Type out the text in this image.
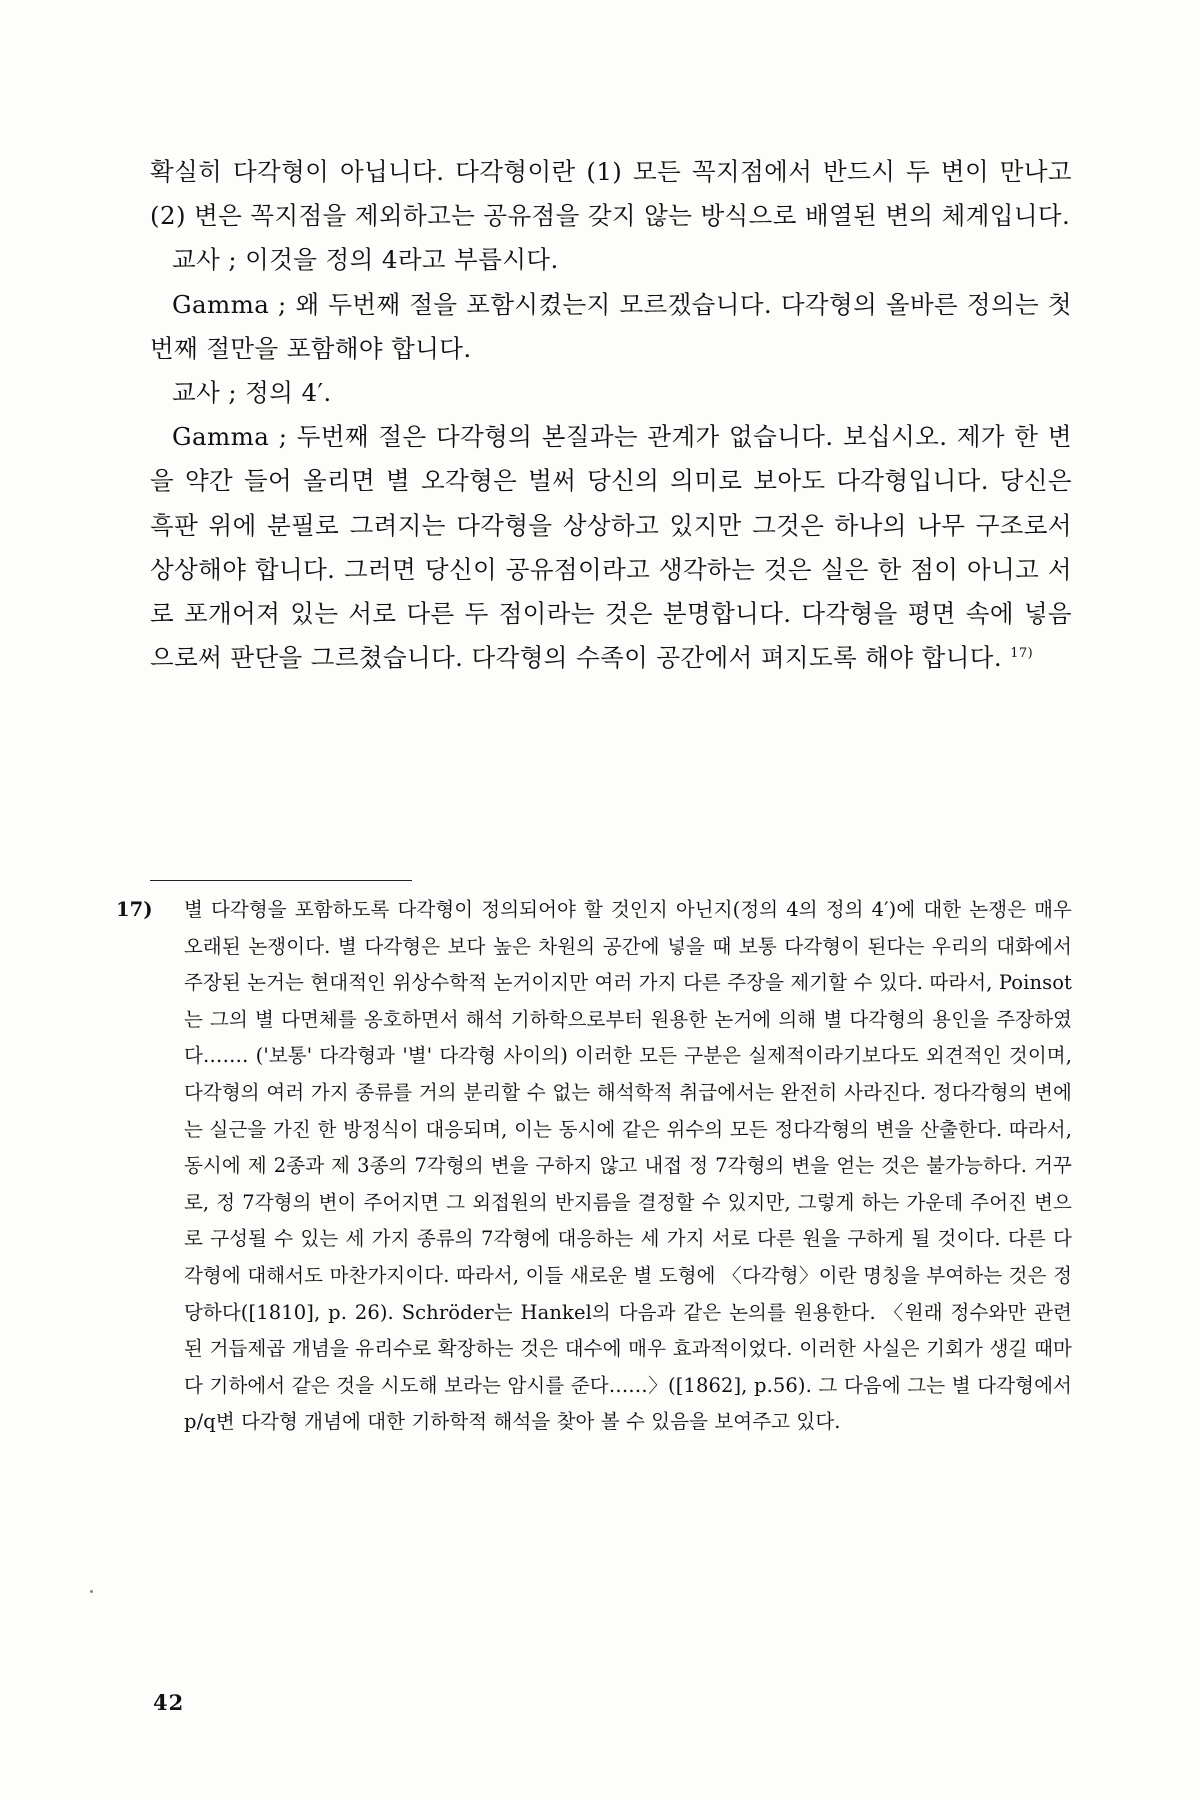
확실히 다각형이 아닙니다. 다각형이란 (1) 모든 꼭지점에서 반드시 두 변이 만나고 (2) 변은 꼭지점을 제외하고는 공유점을 갖지 않는 방식으로 배열된 변의 체계입니다.

교사 ; 이것을 정의 4라고 부릅시다.

Gamma ; 왜 두번째 절을 포함시켰는지 모르겠습니다. 다각형의 올바른 정의는 첫번째 절만을 포함해야 합니다.

교사 ; 정의 4′.

Gamma ; 두번째 절은 다각형의 본질과는 관계가 없습니다. 보십시오. 제가 한 변을 약간 들어 올리면 별 오각형은 벌써 당신의 의미로 보아도 다각형입니다. 당신은 흑판 위에 분필로 그려지는 다각형을 상상하고 있지만 그것은 하나의 나무 구조로서 상상해야 합니다. 그러면 당신이 공유점이라고 생각하는 것은 실은 한 점이 아니고 서로 포개어져 있는 서로 다른 두 점이라는 것은 분명합니다. 다각형을 평면 속에 넣음으로써 판단을 그르쳤습니다. 다각형의 수족이 공간에서 펴지도록 해야 합니다. $^{17)}$

17) 별 다각형을 포함하도록 다각형이 정의되어야 할 것인지 아닌지(정의 4의 정의 4′)에 대한 논쟁은 매우 오래된 논쟁이다. 별 다각형은 보다 높은 차원의 공간에 넣을 때 보통 다각형이 된다는 우리의 대화에서 주장된 논거는 현대적인 위상수학적 논거이지만 여러 가지 다른 주장을 제기할 수 있다. 따라서, Poinsot는 그의 별 다면체를 옹호하면서 해석 기하학으로부터 원용한 논거에 의해 별 다각형의 용인을 주장하였다……. ('보통' 다각형과 '별' 다각형 사이의) 이러한 모든 구분은 실제적이라기보다도 외견적인 것이며, 다각형의 여러 가지 종류를 거의 분리할 수 없는 해석학적 취급에서는 완전히 사라진다. 정다각형의 변에는 실근을 가진 한 방정식이 대응되며, 이는 동시에 같은 위수의 모든 정다각형의 변을 산출한다. 따라서, 동시에 제 2종과 제 3종의 7각형의 변을 구하지 않고 내접 정 7각형의 변을 얻는 것은 불가능하다. 거꾸로, 정 7각형의 변이 주어지면 그 외접원의 반지름을 결정할 수 있지만, 그렇게 하는 가운데 주어진 변으로 구성될 수 있는 세 가지 종류의 7각형에 대응하는 세 가지 서로 다른 원을 구하게 될 것이다. 다른 다각형에 대해서도 마찬가지이다. 따라서, 이들 새로운 별 도형에 〈다각형〉이란 명칭을 부여하는 것은 정당하다([1810], p. 26). Schröder는 Hankel의 다음과 같은 논의를 원용한다. 〈원래 정수와만 관련된 거듭제곱 개념을 유리수로 확장하는 것은 대수에 매우 효과적이었다. 이러한 사실은 기회가 생길 때마다 기하에서 같은 것을 시도해 보라는 암시를 준다……〉([1862], p.56). 그 다음에 그는 별 다각형에서 p/q변 다각형 개념에 대한 기하학적 해석을 찾아 볼 수 있음을 보여주고 있다.
42
